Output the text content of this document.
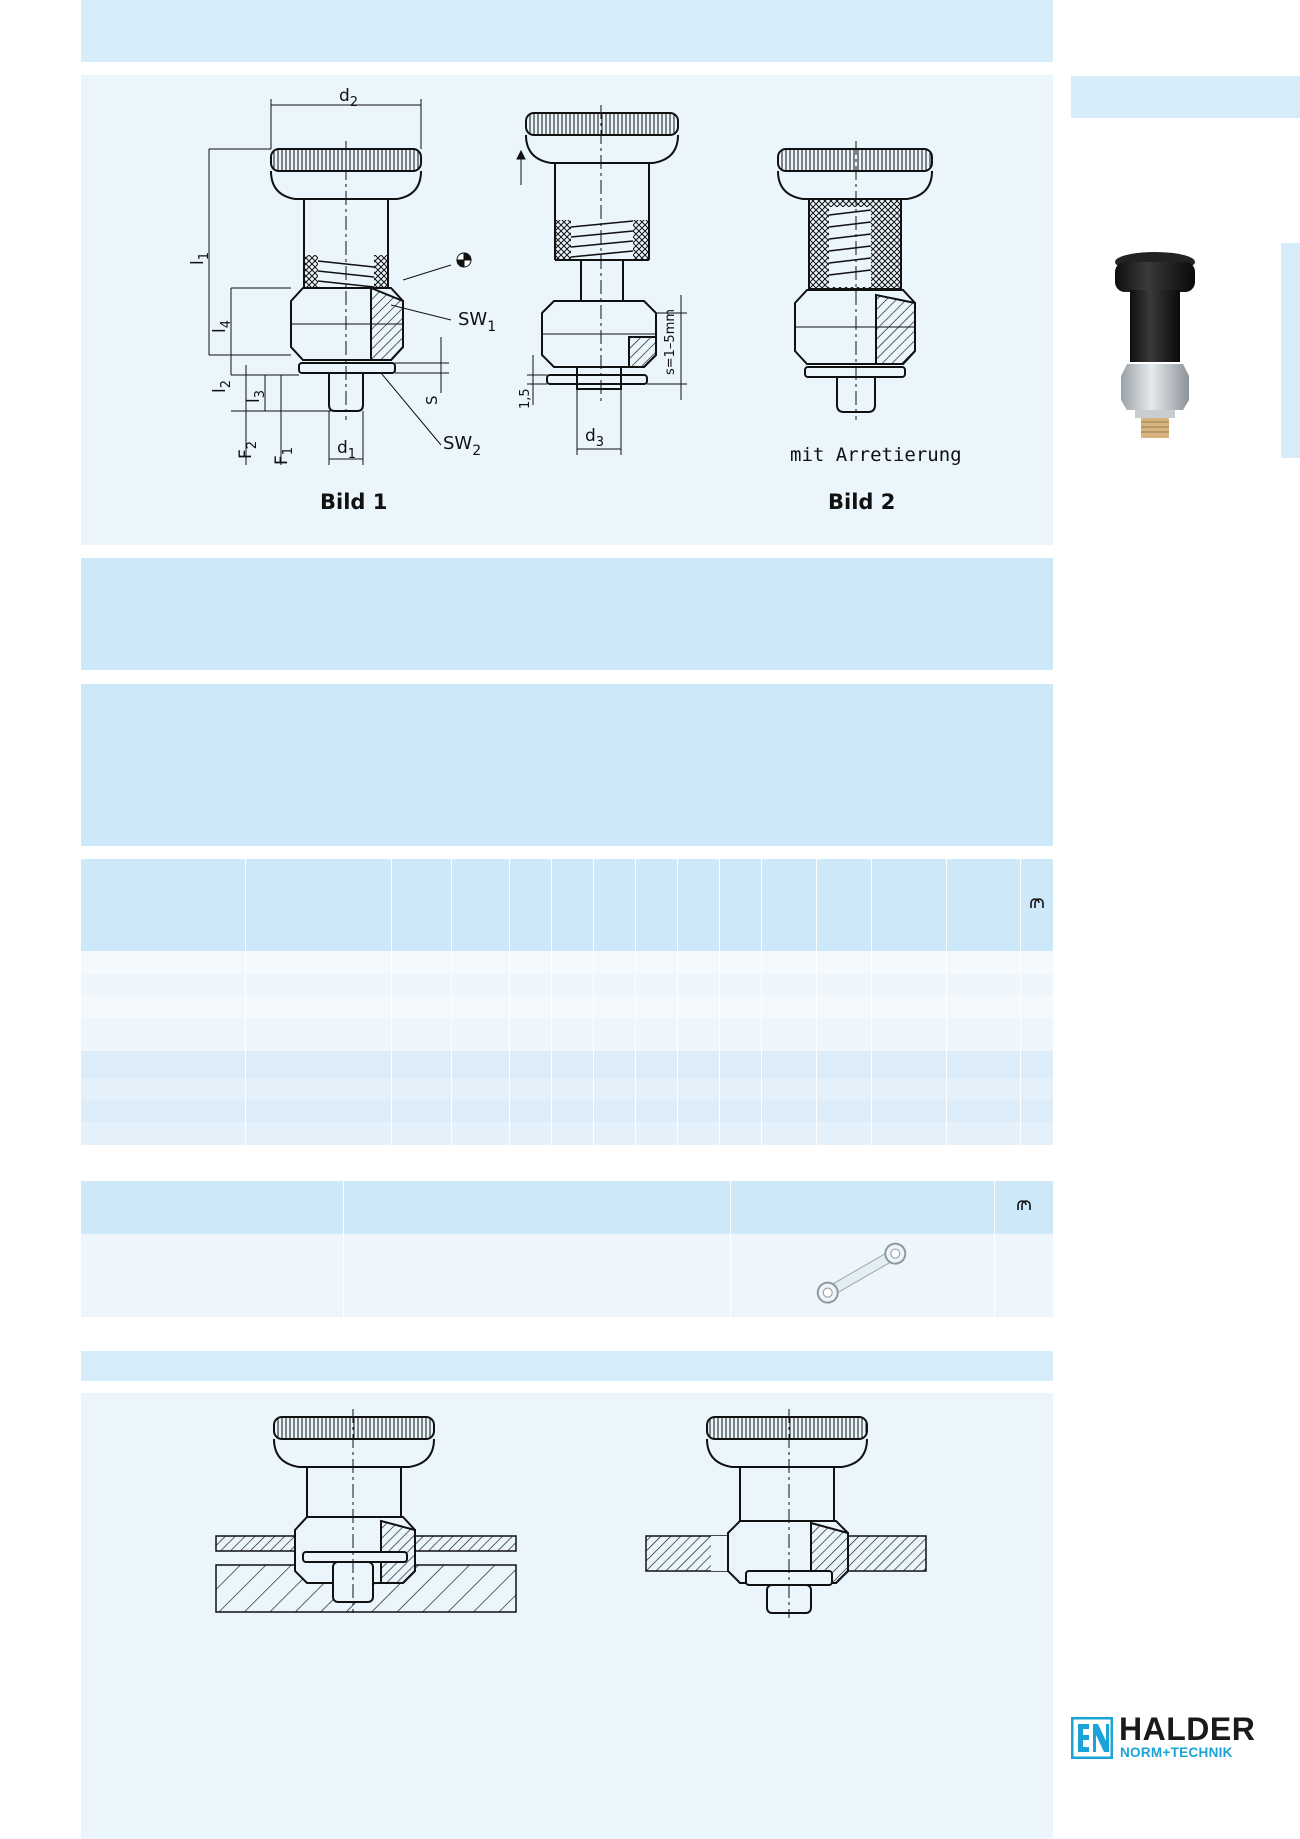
$d_2$
$l_1$
$l_4$
$l_2$
$l_3$
$F_2$
$F_1$ $d_1$
$SW_1$
$SW_2$
S
s=1–5mm
1,5
$d_3$
mit Arretierung
Bild 1	Bild 2

HALDER
NORM+TECHNIK
